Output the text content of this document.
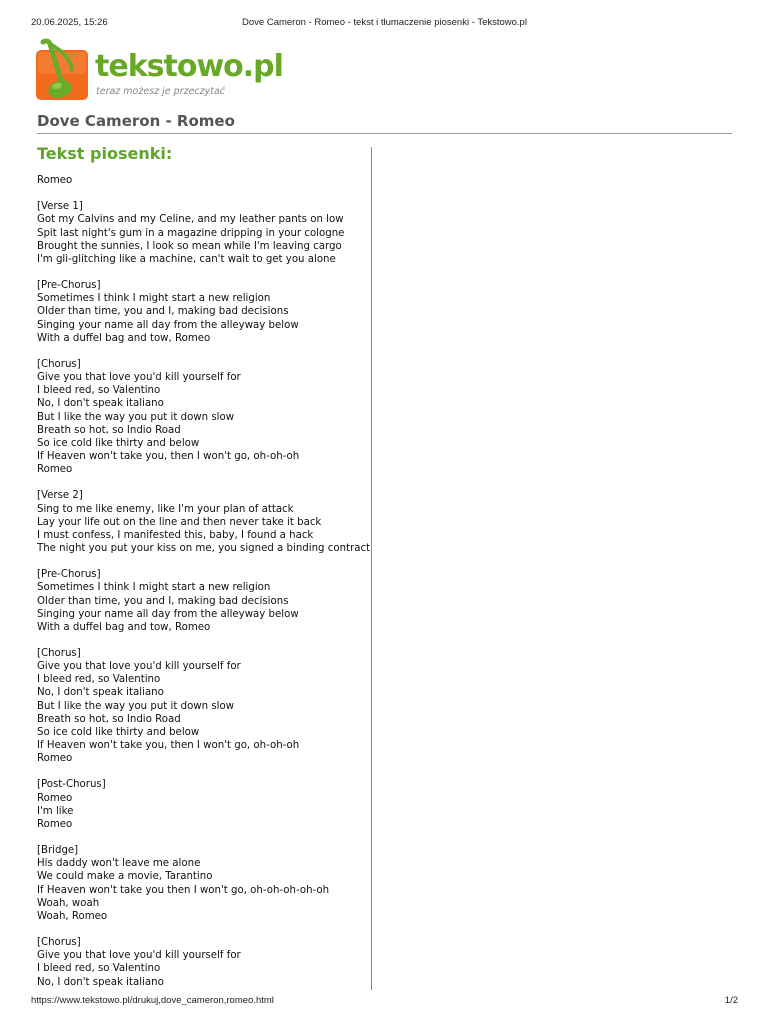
20.06.2025, 15:26	Dove Cameron - Romeo - tekst i tłumaczenie piosenki - Tekstowo.pl
tekstowo.pl
teraz możesz je przeczytać
Dove Cameron - Romeo
Tekst piosenki:
Romeo
[Verse 1]
Got my Calvins and my Celine, and my leather pants on low
Spit last night's gum in a magazine dripping in your cologne
Brought the sunnies, I look so mean while I'm leaving cargo
I'm gli-glitching like a machine, can't wait to get you alone
[Pre-Chorus]
Sometimes I think I might start a new religion
Older than time, you and I, making bad decisions
Singing your name all day from the alleyway below
With a duffel bag and tow, Romeo
[Chorus]
Give you that love you'd kill yourself for
I bleed red, so Valentino
No, I don't speak italiano
But I like the way you put it down slow
Breath so hot, so Indio Road
So ice cold like thirty and below
If Heaven won't take you, then I won't go, oh-oh-oh
Romeo
[Verse 2]
Sing to me like enemy, like I'm your plan of attack
Lay your life out on the line and then never take it back
I must confess, I manifested this, baby, I found a hack
The night you put your kiss on me, you signed a binding contract
[Pre-Chorus]
Sometimes I think I might start a new religion
Older than time, you and I, making bad decisions
Singing your name all day from the alleyway below
With a duffel bag and tow, Romeo
[Chorus]
Give you that love you'd kill yourself for
I bleed red, so Valentino
No, I don't speak italiano
But I like the way you put it down slow
Breath so hot, so Indio Road
So ice cold like thirty and below
If Heaven won't take you, then I won't go, oh-oh-oh
Romeo
[Post-Chorus]
Romeo
I'm like
Romeo
[Bridge]
His daddy won't leave me alone
We could make a movie, Tarantino
If Heaven won't take you then I won't go, oh-oh-oh-oh-oh
Woah, woah
Woah, Romeo
[Chorus]
Give you that love you'd kill yourself for
I bleed red, so Valentino
No, I don't speak italiano
https://www.tekstowo.pl/drukuj,dove_cameron,romeo.html	1/2
